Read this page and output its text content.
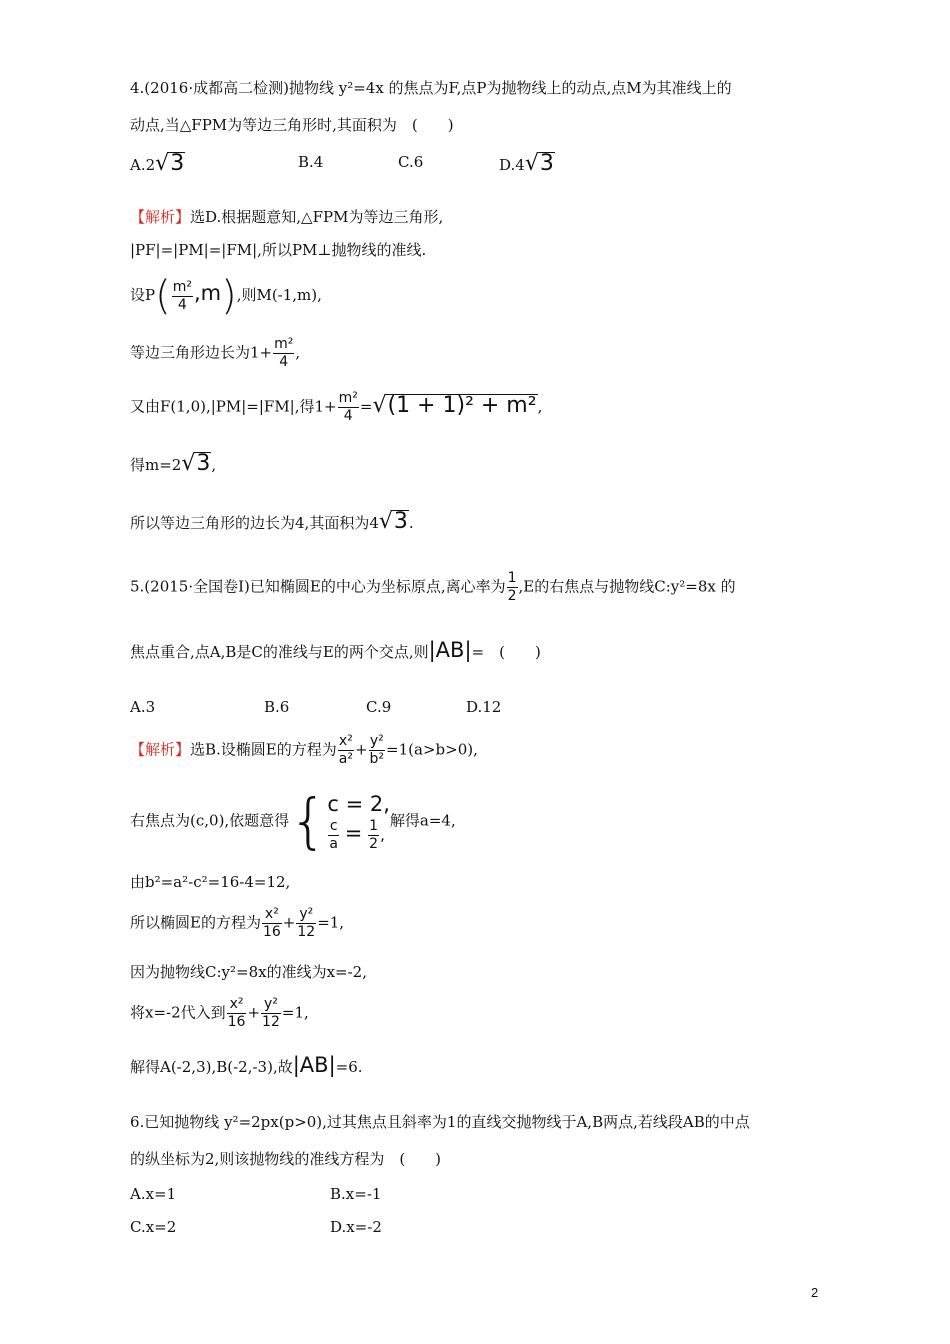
4.(2016·成都高二检测)抛物线 y²=4x 的焦点为F,点P为抛物线上的动点,点M为其准线上的
动点,当△FPM为等边三角形时,其面积为　(　　)
A.2√3	B.4	C.6	D.4√3
【解析】选D.根据题意知,△FPM为等边三角形,
|PF|=|PM|=|FM|,所以PM⊥抛物线的准线.
设$P( \frac{\text{m²}}{4} ,m)$,则M(-1,m),
等边三角形边长为$1+ \frac{\text{m²}}{4}$ ,
又由F(1,0),|PM|=|FM|,得$1+ \frac{\text{m²}}{4} =√(1 + 1)^2 + m^2$,
得m=2√3,
所以等边三角形的边长为4,其面积为4√3.
5.(2015·全国卷Ⅰ)已知椭圆E的中心为坐标原点,离心率为 $\frac{1}{2} ,E$的右焦点与抛物线C:y²=8x 的
焦点重合,点A,B是C的准线与E的两个交点,则|AB|=　(　　)
A.3	B.6	C.9	D.12
【解析】选B.设椭圆E的方程为 $\frac{\text{x²}}{\text{a²}} + \frac{\text{y²}}{\text{b²}} =1(a>b>0)$,
右焦点为(c,0),依题意得{ c = 2,
$\frac{c}{a} = \frac{1}{2}$ ,
解得a=4,
由b²=a²-c²=16-4=12,
所以椭圆E的方程为 $\frac{\text{x²}}{16} + \frac{\text{y²}}{12} =1$,
因为抛物线C:y²=8x的准线为x=-2,
将x=-2代入到 $\frac{\text{x²}}{16} + \frac{\text{y²}}{12} =1$,
解得A(-2,3),B(-2,-3),故|AB|=6.
6.已知抛物线 y²=2px(p>0),过其焦点且斜率为1的直线交抛物线于A,B两点,若线段AB的中点
的纵坐标为2,则该抛物线的准线方程为　(　　)
A.x=1	B.x=-1
C.x=2	D.x=-2
2
